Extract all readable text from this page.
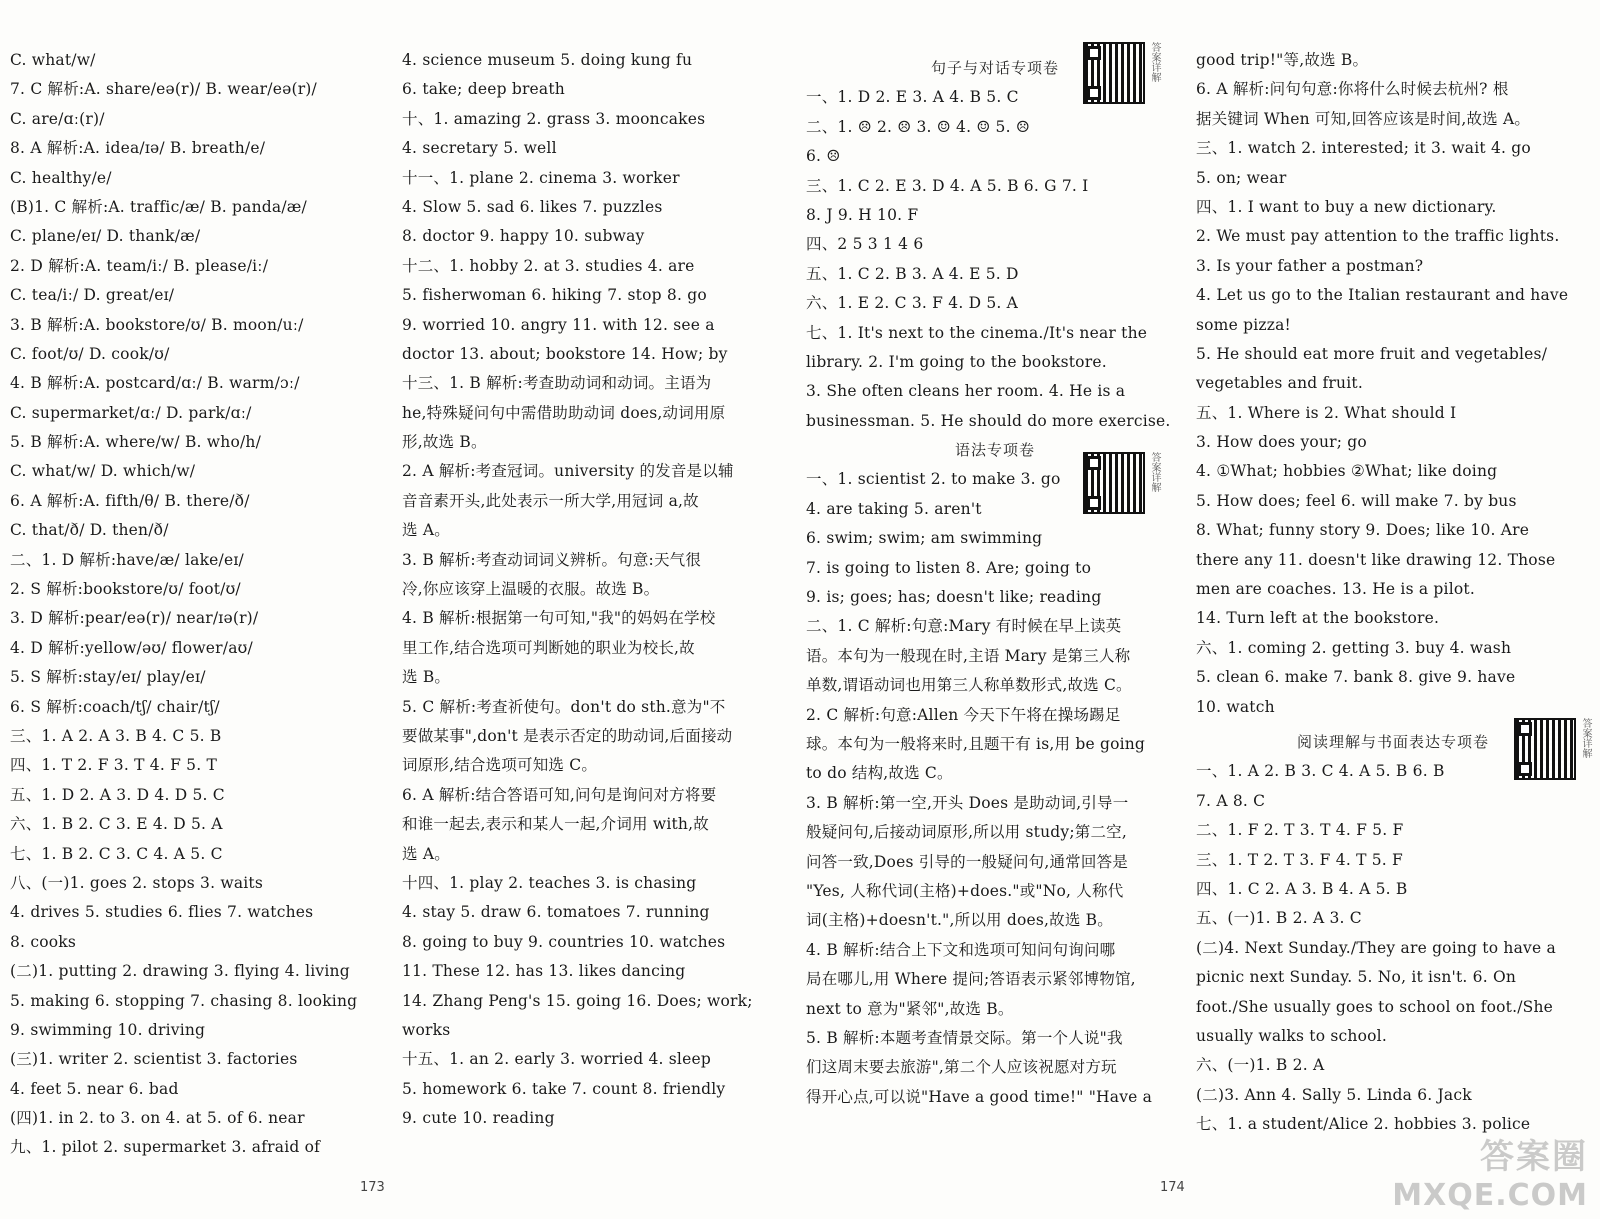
C. what/w/
7. C 解析:A. share/eə(r)/ B. wear/eə(r)/
C. are/ɑː(r)/
8. A 解析:A. idea/ɪə/ B. breath/e/
C. healthy/e/
(B)1. C 解析:A. traffic/æ/ B. panda/æ/
C. plane/eɪ/ D. thank/æ/
2. D 解析:A. team/iː/ B. please/iː/
C. tea/iː/ D. great/eɪ/
3. B 解析:A. bookstore/ʊ/ B. moon/uː/
C. foot/ʊ/ D. cook/ʊ/
4. B 解析:A. postcard/ɑː/ B. warm/ɔː/
C. supermarket/ɑː/ D. park/ɑː/
5. B 解析:A. where/w/ B. who/h/
C. what/w/ D. which/w/
6. A 解析:A. fifth/θ/ B. there/ð/
C. that/ð/ D. then/ð/
二、1. D 解析:have/æ/ lake/eɪ/
2. S 解析:bookstore/ʊ/ foot/ʊ/
3. D 解析:pear/eə(r)/ near/ɪə(r)/
4. D 解析:yellow/əʊ/ flower/aʊ/
5. S 解析:stay/eɪ/ play/eɪ/
6. S 解析:coach/tʃ/ chair/tʃ/
三、1. A 2. A 3. B 4. C 5. B
四、1. T 2. F 3. T 4. F 5. T
五、1. D 2. A 3. D 4. D 5. C
六、1. B 2. C 3. E 4. D 5. A
七、1. B 2. C 3. C 4. A 5. C
八、(一)1. goes 2. stops 3. waits
4. drives 5. studies 6. flies 7. watches
8. cooks
(二)1. putting 2. drawing 3. flying 4. living
5. making 6. stopping 7. chasing 8. looking
9. swimming 10. driving
(三)1. writer 2. scientist 3. factories
4. feet 5. near 6. bad
(四)1. in 2. to 3. on 4. at 5. of 6. near
九、1. pilot 2. supermarket 3. afraid of
4. science museum 5. doing kung fu
6. take; deep breath
十、1. amazing 2. grass 3. mooncakes
4. secretary 5. well
十一、1. plane 2. cinema 3. worker
4. Slow 5. sad 6. likes 7. puzzles
8. doctor 9. happy 10. subway
十二、1. hobby 2. at 3. studies 4. are
5. fisherwoman 6. hiking 7. stop 8. go
9. worried 10. angry 11. with 12. see a
doctor 13. about; bookstore 14. How; by
十三、1. B 解析:考查助动词和动词。主语为
he,特殊疑问句中需借助助动词 does,动词用原
形,故选 B。
2. A 解析:考查冠词。university 的发音是以辅
音音素开头,此处表示一所大学,用冠词 a,故
选 A。
3. B 解析:考查动词词义辨析。句意:天气很
冷,你应该穿上温暖的衣服。故选 B。
4. B 解析:根据第一句可知,"我"的妈妈在学校
里工作,结合选项可判断她的职业为校长,故
选 B。
5. C 解析:考查祈使句。don't do sth.意为"不
要做某事",don't 是表示否定的助动词,后面接动
词原形,结合选项可知选 C。
6. A 解析:结合答语可知,问句是询问对方将要
和谁一起去,表示和某人一起,介词用 with,故
选 A。
十四、1. play 2. teaches 3. is chasing
4. stay 5. draw 6. tomatoes 7. running
8. going to buy 9. countries 10. watches
11. These 12. has 13. likes dancing
14. Zhang Peng's 15. going 16. Does; work;
works
十五、1. an 2. early 3. worried 4. sleep
5. homework 6. take 7. count 8. friendly
9. cute 10. reading
句子与对话专项卷
一、1. D 2. E 3. A 4. B 5. C
二、1. ☹ 2. ☹ 3. ☺ 4. ☺ 5. ☹
6. ☹
三、1. C 2. E 3. D 4. A 5. B 6. G 7. I
8. J 9. H 10. F
四、2 5 3 1 4 6
五、1. C 2. B 3. A 4. E 5. D
六、1. E 2. C 3. F 4. D 5. A
七、1. It's next to the cinema./It's near the
library. 2. I'm going to the bookstore.
3. She often cleans her room. 4. He is a
businessman. 5. He should do more exercise.
语法专项卷
一、1. scientist 2. to make 3. go
4. are taking 5. aren't
6. swim; swim; am swimming
7. is going to listen 8. Are; going to
9. is; goes; has; doesn't like; reading
二、1. C 解析:句意:Mary 有时候在早上读英
语。本句为一般现在时,主语 Mary 是第三人称
单数,谓语动词也用第三人称单数形式,故选 C。
2. C 解析:句意:Allen 今天下午将在操场踢足
球。本句为一般将来时,且题干有 is,用 be going
to do 结构,故选 C。
3. B 解析:第一空,开头 Does 是助动词,引导一
般疑问句,后接动词原形,所以用 study;第二空,
问答一致,Does 引导的一般疑问句,通常回答是
"Yes, 人称代词(主格)+does."或"No, 人称代
词(主格)+doesn't.",所以用 does,故选 B。
4. B 解析:结合上下文和选项可知问句询问哪
局在哪儿,用 Where 提问;答语表示紧邻博物馆,
next to 意为"紧邻",故选 B。
5. B 解析:本题考查情景交际。第一个人说"我
们这周末要去旅游",第二个人应该祝愿对方玩
得开心点,可以说"Have a good time!" "Have a
good trip!"等,故选 B。
6. A 解析:问句句意:你将什么时候去杭州? 根
据关键词 When 可知,回答应该是时间,故选 A。
三、1. watch 2. interested; it 3. wait 4. go
5. on; wear
四、1. I want to buy a new dictionary.
2. We must pay attention to the traffic lights.
3. Is your father a postman?
4. Let us go to the Italian restaurant and have
some pizza!
5. He should eat more fruit and vegetables/
vegetables and fruit.
五、1. Where is 2. What should I
3. How does your; go
4. ①What; hobbies ②What; like doing
5. How does; feel 6. will make 7. by bus
8. What; funny story 9. Does; like 10. Are
there any 11. doesn't like drawing 12. Those
men are coaches. 13. He is a pilot.
14. Turn left at the bookstore.
六、1. coming 2. getting 3. buy 4. wash
5. clean 6. make 7. bank 8. give 9. have
10. watch
阅读理解与书面表达专项卷
一、1. A 2. B 3. C 4. A 5. B 6. B
7. A 8. C
二、1. F 2. T 3. T 4. F 5. F
三、1. T 2. T 3. F 4. T 5. F
四、1. C 2. A 3. B 4. A 5. B
五、(一)1. B 2. A 3. C
(二)4. Next Sunday./They are going to have a
picnic next Sunday. 5. No, it isn't. 6. On
foot./She usually goes to school on foot./She
usually walks to school.
六、(一)1. B 2. A
(二)3. Ann 4. Sally 5. Linda 6. Jack
七、1. a student/Alice 2. hobbies 3. police
答案详解
答案详解
答案详解
173	174
答案圈
MXQE.COM
